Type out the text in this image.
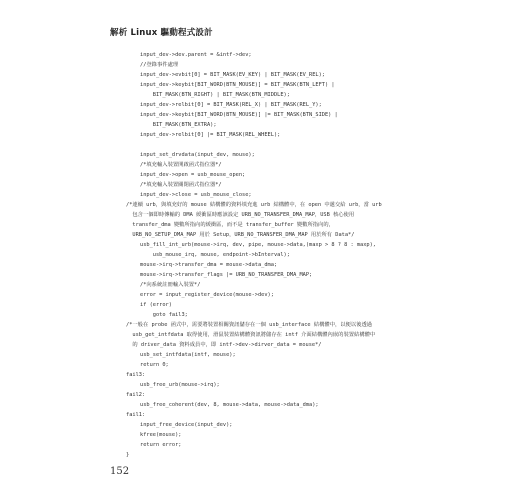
解析 Linux 驅動程式設計
input_dev->dev.parent = &intf->dev;
//登錄事件處理
input_dev->evbit[0] = BIT_MASK(EV_KEY) | BIT_MASK(EV_REL);
input_dev->keybit[BIT_WORD(BTN_MOUSE)] = BIT_MASK(BTN_LEFT) |
BIT_MASK(BTN_RIGHT) | BIT_MASK(BTN_MIDDLE);
input_dev->relbit[0] = BIT_MASK(REL_X) | BIT_MASK(REL_Y);
input_dev->keybit[BIT_WORD(BTN_MOUSE)] |= BIT_MASK(BTN_SIDE) |
BIT_MASK(BTN_EXTRA);
input_dev->relbit[0] |= BIT_MASK(REL_WHEEL);
input_set_drvdata(input_dev, mouse);
/*填充輸入裝置開啟函式指位器*/
input_dev->open = usb_mouse_open;
/*填充輸入裝置關閉函式指位器*/
input_dev->close = usb_mouse_close;
/*連續 urb，與填充好的 mouse 結構體的資料填充進 urb 結構體中，在 open 中遞交給 urb，當 urb
包含一個即時傳輸的 DMA 緩衝區時應該設定 URB_NO_TRANSFER_DMA_MAP，USB 核心使用
transfer_dma 變數所指向的緩衝區，而不是 transfer_buffer 變數所指向的，
URB_NO_SETUP_DMA_MAP 用於 Setup，URB_NO_TRANSFER_DMA_MAP 用於所有 Data*/
usb_fill_int_urb(mouse->irq, dev, pipe, mouse->data,(maxp > 8 ? 8 : maxp),
usb_mouse_irq, mouse, endpoint->bInterval);
mouse->irq->transfer_dma = mouse->data_dma;
mouse->irq->transfer_flags |= URB_NO_TRANSFER_DMA_MAP;
/*向系統註冊輸入裝置*/
error = input_register_device(mouse->dev);
if (error)
goto fail3;
/*一般在 probe 函式中，需要將裝置相關資訊儲存在一個 usb_interface 結構體中，以便以後透過
usb_get_intfdata 取得使用，滑鼠裝置結構體資訊將儲存在 intf 介面結構體內嵌的裝置結構體中
的 driver_data 資料成員中，即 intf->dev->dirver_data = mouse*/
usb_set_intfdata(intf, mouse);
return 0;
fail3:
usb_free_urb(mouse->irq);
fail2:
usb_free_coherent(dev, 8, mouse->data, mouse->data_dma);
fail1:
input_free_device(input_dev);
kfree(mouse);
return error;
}
152
